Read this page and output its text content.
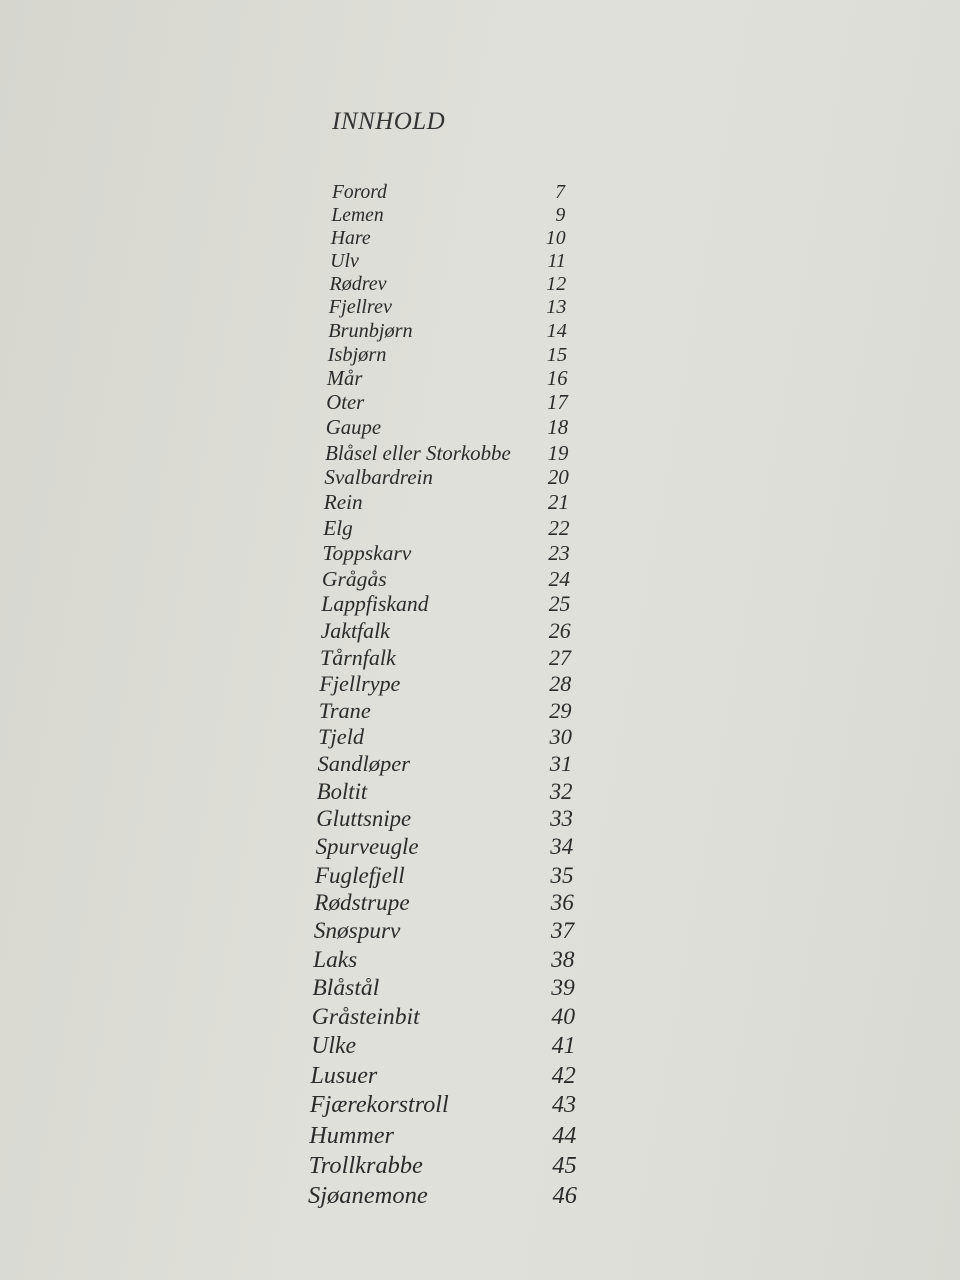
INNHOLD
Forord	7
Lemen	9
Hare	10
Ulv	11
Rødrev	12
Fjellrev	13
Brunbjørn	14
Isbjørn	15
Mår	16
Oter	17
Gaupe	18
Blåsel eller Storkobbe	19
Svalbardrein	20
Rein	21
Elg	22
Toppskarv	23
Grågås	24
Lappfiskand	25
Jaktfalk	26
Tårnfalk	27
Fjellrype	28
Trane	29
Tjeld	30
Sandløper	31
Boltit	32
Gluttsnipe	33
Spurveugle	34
Fuglefjell	35
Rødstrupe	36
Snøspurv	37
Laks	38
Blåstål	39
Gråsteinbit	40
Ulke	41
Lusuer	42
Fjærekorstroll	43
Hummer	44
Trollkrabbe	45
Sjøanemone	46
